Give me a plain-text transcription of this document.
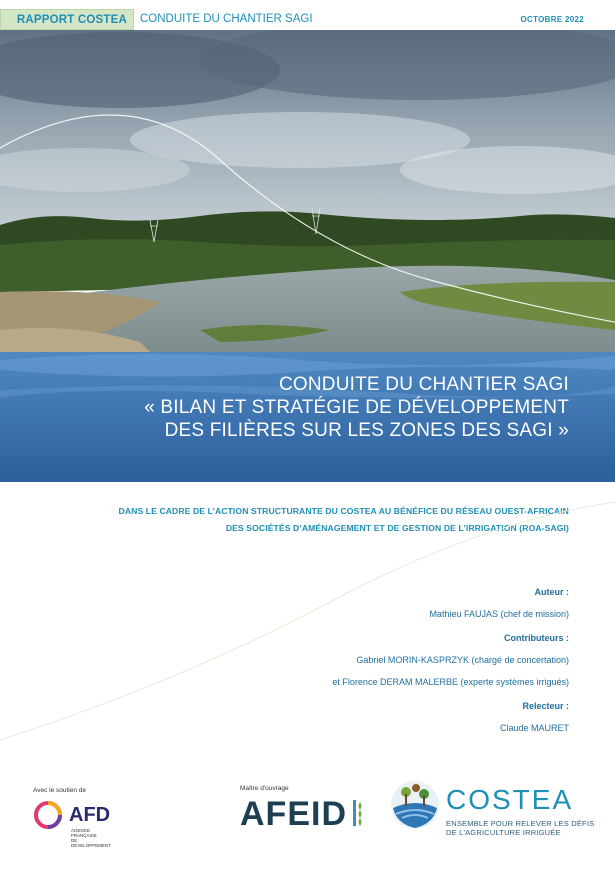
RAPPORT COSTEA	CONDUITE DU CHANTIER SAGI	OCTOBRE 2022
CONDUITE DU CHANTIER SAGI
« BILAN ET STRATÉGIE DE DÉVELOPPEMENT
DES FILIÈRES SUR LES ZONES DES SAGI »
DANS LE CADRE DE L’ACTION STRUCTURANTE DU COSTEA AU BÉNÉFICE DU RÉSEAU OUEST-AFRICAIN
DES SOCIÉTÉS D’AMÉNAGEMENT ET DE GESTION DE L’IRRIGATION (ROA-SAGI)
Auteur :
Mathieu FAUJAS (chef de mission)
Contributeurs :
Gabriel MORIN-KASPRZYK (chargé de concertation)
et Florence DERAM MALERBE (experte systèmes irrigués)
Relecteur :
Claude MAURET
Avec le soutien de
AFD
AGENCE FRANÇAISE
DE DÉVELOPPEMENT
Maître d'ouvrage
AFEID	COSTEA
ENSEMBLE POUR RELEVER LES DÉFIS
DE L'AGRICULTURE IRRIGUÉE
